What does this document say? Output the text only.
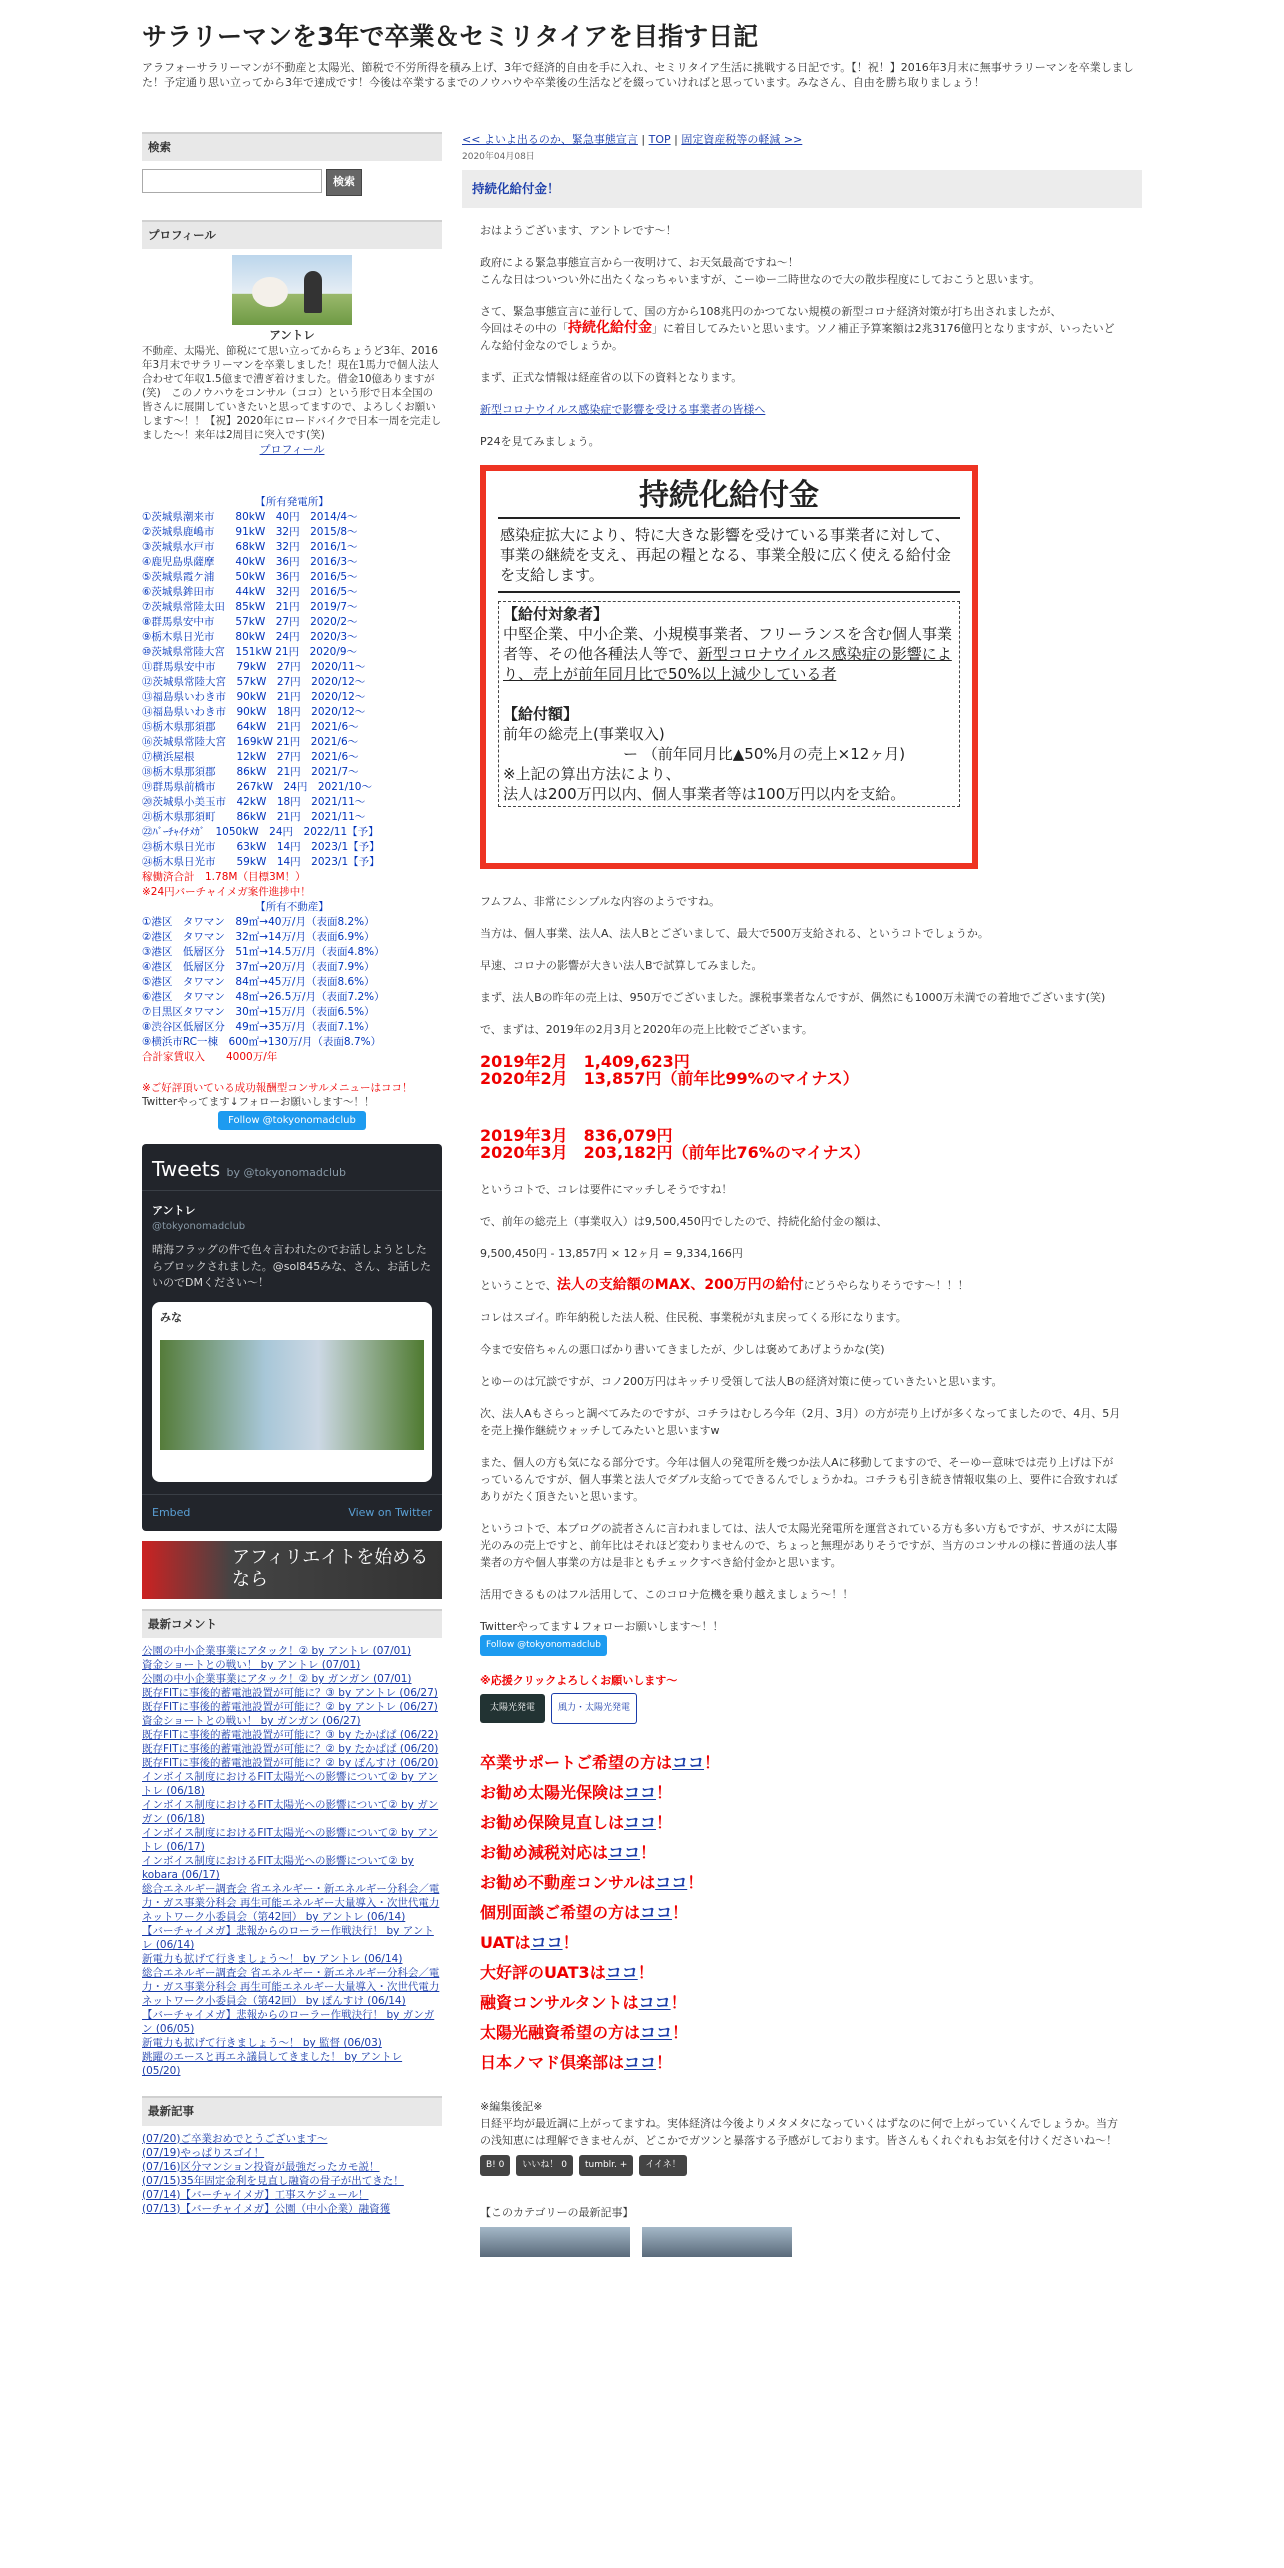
サラリーマンを3年で卒業＆セミリタイアを目指す日記
アラフォーサラリーマンが不動産と太陽光、節税で不労所得を積み上げ、3年で経済的自由を手に入れ、セミリタイア生活に挑戦する日記です。【！祝！】2016年3月末に無事サラリーマンを卒業しました！予定通り思い立ってから3年で達成です！今後は卒業するまでのノウハウや卒業後の生活などを綴っていければと思っています。みなさん、自由を勝ち取りましょう！
検索
検索
プロフィール
アントレ
不動産、太陽光、節税にて思い立ってからちょうど3年、2016年3月末でサラリーマンを卒業しました！現在1馬力で個人法人合わせて年収1.5億まで漕ぎ着けました。借金10億ありますが(笑)　このノウハウをコンサル（ココ）という形で日本全国の皆さんに展開していきたいと思ってますので、よろしくお願いします～！！【祝】2020年にロードバイクで日本一周を完走しました～！来年は2周目に突入です(笑)
プロフィール
【所有発電所】
①茨城県潮来市　　80kW　40円　2014/4～
②茨城県鹿嶋市　　91kW　32円　2015/8～
③茨城県水戸市　　68kW　32円　2016/1～
④鹿児島県薩摩　　40kW　36円　2016/3～
⑤茨城県霞ケ浦　　50kW　36円　2016/5～
⑥茨城県鉾田市　　44kW　32円　2016/5～
⑦茨城県常陸太田　85kW　21円　2019/7～
⑧群馬県安中市　　57kW　27円　2020/2～
⑨栃木県日光市　　80kW　24円　2020/3～
⑩茨城県常陸大宮　151kW 21円　2020/9～
⑪群馬県安中市　　79kW　27円　2020/11～
⑫茨城県常陸大宮　57kW　27円　2020/12～
⑬福島県いわき市　90kW　21円　2020/12～
⑭福島県いわき市　90kW　18円　2020/12～
⑮栃木県那須郡　　64kW　21円　2021/6～
⑯茨城県常陸大宮　169kW 21円　2021/6～
⑰横浜屋根　　　　12kW　27円　2021/6～
⑱栃木県那須郡　　86kW　21円　2021/7～
⑲群馬県前橋市　　267kW　24円　2021/10～
⑳茨城県小美玉市　42kW　18円　2021/11～
㉑栃木県那須町　　86kW　21円　2021/11～
㉒ﾊﾞｰﾁｬｲﾁﾒｶﾞ　1050kW　24円　2022/11【予】
㉓栃木県日光市　　63kW　14円　2023/1【予】
㉔栃木県日光市　　59kW　14円　2023/1【予】
稼働済合計　1.78M（目標3M！）
※24円バーチャイメガ案件進捗中！
【所有不動産】
①港区　タワマン　89㎡→40万/月（表面8.2%）
②港区　タワマン　32㎡→14万/月（表面6.9%）
③港区　低層区分　51㎡→14.5万/月（表面4.8%）
④港区　低層区分　37㎡→20万/月（表面7.9%）
⑤港区　タワマン　84㎡→45万/月（表面8.6%）
⑥港区　タワマン　48㎡→26.5万/月（表面7.2%）
⑦目黒区タワマン　30㎡→15万/月（表面6.5%）
⑧渋谷区低層区分　49㎡→35万/月（表面7.1%）
⑨横浜市RC一棟　600㎡→130万/月（表面8.7%）
合計家賃収入　　4000万/年
※ご好評頂いている成功報酬型コンサルメニューはココ！
Twitterやってます↓フォローお願いします～！！
Follow @tokyonomadclub
Tweets by @tokyonomadclub
アントレ
@tokyonomadclub
晴海フラッグの件で色々言われたのでお話しようとしたらブロックされました。@sol845みな、さん、お話したいのでDMください～！
みな
Embed	View on Twitter
アフィリエイトを始めるなら
最新コメント
公園の中小企業事業にアタック！② by アントレ (07/01)
資金ショートとの戦い！ by アントレ (07/01)
公園の中小企業事業にアタック！② by ガンガン (07/01)
既存FITに事後的蓄電池設置が可能に？③ by アントレ (06/27)
既存FITに事後的蓄電池設置が可能に？② by アントレ (06/27)
資金ショートとの戦い！ by ガンガン (06/27)
既存FITに事後的蓄電池設置が可能に？③ by たかぱぱ (06/22)
既存FITに事後的蓄電池設置が可能に？② by たかぱぱ (06/20)
既存FITに事後的蓄電池設置が可能に？② by ぽんすけ (06/20)
インボイス制度におけるFIT太陽光への影響について② by アントレ (06/18)
インボイス制度におけるFIT太陽光への影響について② by ガンガン (06/18)
インボイス制度におけるFIT太陽光への影響について② by アントレ (06/17)
インボイス制度におけるFIT太陽光への影響について② by kobara (06/17)
総合エネルギー調査会 省エネルギー・新エネルギー分科会／電力・ガス事業分科会 再生可能エネルギー大量導入・次世代電力ネットワーク小委員会（第42回） by アントレ (06/14)
【バーチャイメガ】悲報からのローラー作戦決行！ by アントレ (06/14)
新電力も拡げて行きましょう～！ by アントレ (06/14)
総合エネルギー調査会 省エネルギー・新エネルギー分科会／電力・ガス事業分科会 再生可能エネルギー大量導入・次世代電力ネットワーク小委員会（第42回） by ぽんすけ (06/14)
【バーチャイメガ】悲報からのローラー作戦決行！ by ガンガン (06/05)
新電力も拡げて行きましょう～！ by 監督 (06/03)
跳躍のエースと再エネ議員してきました！ by アントレ (05/20)
最新記事
(07/20)ご卒業おめでとうございます～
(07/19)やっぱりスゴイ！
(07/16)区分マンション投資が最強だったカモ説！
(07/15)35年固定金利を見直し融資の骨子が出てきた！
(07/14)【バーチャイメガ】工事スケジュール！
(07/13)【バーチャイメガ】公園（中小企業）融資獲
<< よいよ出るのか、緊急事態宣言 | TOP | 固定資産税等の軽減 >>
2020年04月08日
持続化給付金！

おはようございます、アントレです～！

政府による緊急事態宣言から一夜明けて、お天気最高ですね～！
こんな日はついつい外に出たくなっちゃいますが、こーゆー二時世なので大の散歩程度にしておこうと思います。

さて、緊急事態宣言に並行して、国の方から108兆円のかつてない規模の新型コロナ経済対策が打ち出されましたが、
今回はその中の「持続化給付金」に着目してみたいと思います。ソノ補正予算案額は2兆3176億円となりますが、いったいどんな給付金なのでしょうか。

まず、正式な情報は経産省の以下の資料となります。

新型コロナウイルス感染症で影響を受ける事業者の皆様へ

P24を見てみましょう。

持続化給付金
感染症拡大により、特に大きな影響を受けている事業者に対して、事業の継続を支え、再起の糧となる、事業全般に広く使える給付金を支給します。
【給付対象者】
中堅企業、中小企業、小規模事業者、フリーランスを含む個人事業者等、その他各種法人等で、新型コロナウイルス感染症の影響により、売上が前年同月比で50%以上減少している者

【給付額】
前年の総売上(事業収入)
ー （前年同月比▲50%月の売上×12ヶ月)
※上記の算出方法により、
法人は200万円以内、個人事業者等は100万円以内を支給。

フムフム、非常にシンプルな内容のようですね。

当方は、個人事業、法人A、法人Bとございまして、最大で500万支給される、というコトでしょうか。

早速、コロナの影響が大きい法人Bで試算してみました。

まず、法人Bの昨年の売上は、950万でございました。課税事業者なんですが、偶然にも1000万未満での着地でございます(笑)

で、まずは、2019年の2月3月と2020年の売上比較でございます。

2019年2月　1,409,623円
2020年2月　13,857円（前年比99%のマイナス）
2019年3月　836,079円
2020年3月　203,182円（前年比76%のマイナス）

というコトで、コレは要件にマッチしそうですね！

で、前年の総売上（事業収入）は9,500,450円でしたので、持続化給付金の額は、

9,500,450円 - 13,857円 × 12ヶ月 = 9,334,166円

ということで、法人の支給額のMAX、200万円の給付にどうやらなりそうです～！！！

コレはスゴイ。昨年納税した法人税、住民税、事業税が丸ま戻ってくる形になります。

今まで安倍ちゃんの悪口ばかり書いてきましたが、少しは褒めてあげようかな(笑)

とゆーのは冗談ですが、コノ200万円はキッチリ受領して法人Bの経済対策に使っていきたいと思います。

次、法人Aもさらっと調べてみたのですが、コチラはむしろ今年（2月、3月）の方が売り上げが多くなってましたので、4月、5月を売上操作継続ウォッチしてみたいと思いますw

また、個人の方も気になる部分です。今年は個人の発電所を幾つか法人Aに移動してますので、そーゆー意味では売り上げは下がっているんですが、個人事業と法人でダブル支給ってできるんでしょうかね。コチラも引き続き情報収集の上、要件に合致すればありがたく頂きたいと思います。

というコトで、本ブログの読者さんに言われましては、法人で太陽光発電所を運営されている方も多い方もですが、サスがに太陽光のみの売上ですと、前年比はそれほど変わりませんので、ちょっと無理がありそうですが、当方のコンサルの様に普通の法人事業者の方や個人事業の方は是非ともチェックすべき給付金かと思います。

活用できるものはフル活用して、このコロナ危機を乗り越えましょう～！！

Twitterやってます↓フォローお願いします～！！
Follow @tokyonomadclub
※応援クリックよろしくお願いします～
太陽光発電	風力・太陽光発電
卒業サポートご希望の方はココ！
お勧め太陽光保険はココ！
お勧め保険見直しはココ！
お勧め減税対応はココ！
お勧め不動産コンサルはココ！
個別面談ご希望の方はココ！
UATはココ！
大好評のUAT3はココ！
融資コンサルタントはココ！
太陽光融資希望の方はココ！
日本ノマド倶楽部はココ！
※編集後記※
日経平均が最近調に上がってますね。実体経済は今後よりメタメタになっていくはずなのに何で上がっていくんでしょうか。当方の浅知恵には理解できませんが、どこかでガツンと暴落する予感がしております。皆さんもくれぐれもお気を付けくださいね～！
B! 0	いいね！ 0	tumblr. +	イイネ！
【このカテゴリーの最新記事】
